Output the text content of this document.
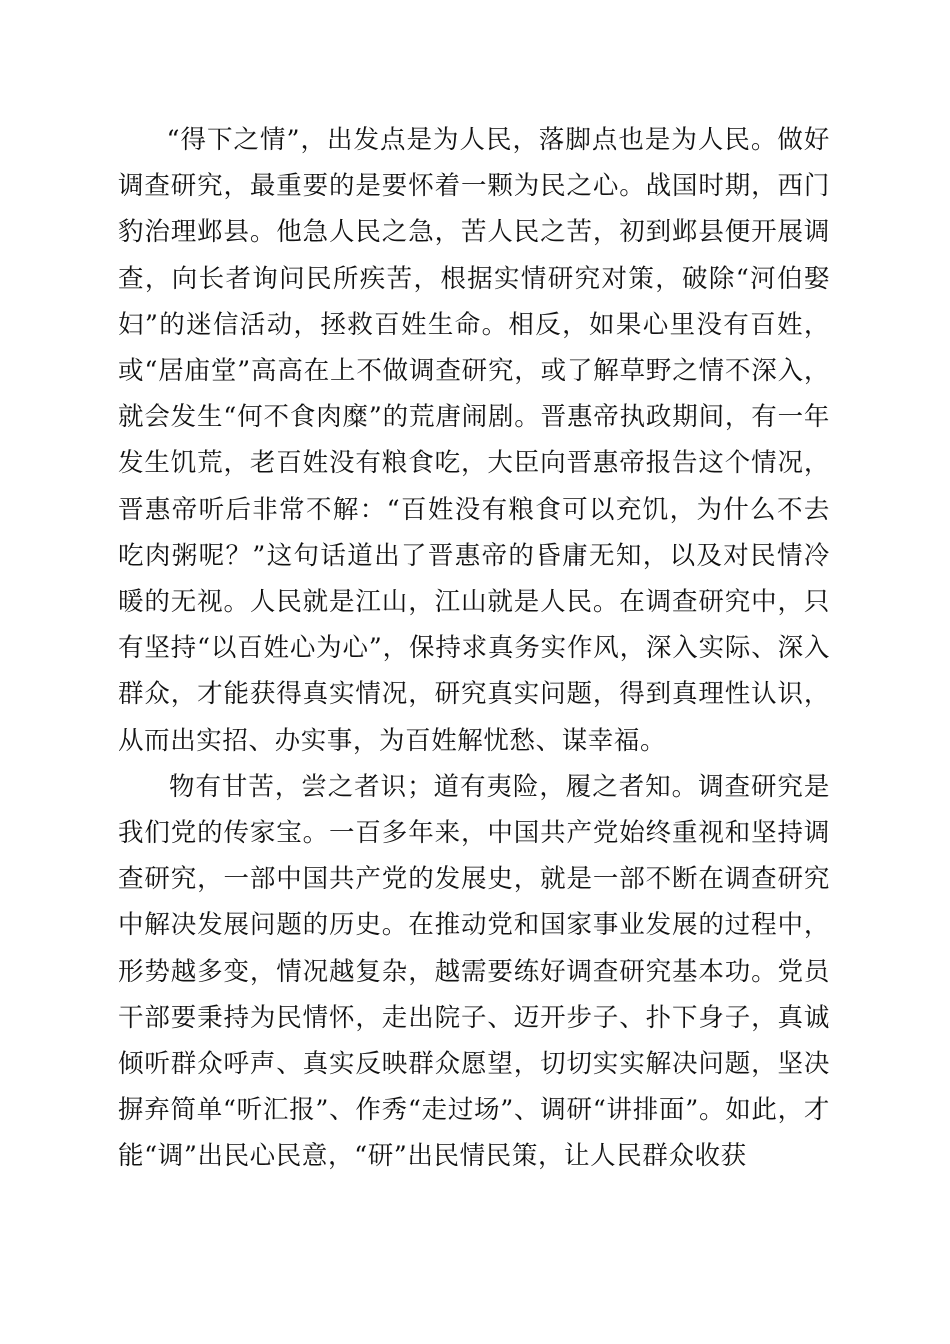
“得下之情”，出发点是为人民，落脚点也是为人民。做好调查研究，最重要的是要怀着一颗为民之心。战国时期，西门豹治理邺县。他急人民之急，苦人民之苦，初到邺县便开展调查，向长者询问民所疾苦，根据实情研究对策，破除“河伯娶妇”的迷信活动，拯救百姓生命。相反，如果心里没有百姓，或“居庙堂”高高在上不做调查研究，或了解草野之情不深入，就会发生“何不食肉糜”的荒唐闹剧。晋惠帝执政期间，有一年发生饥荒，老百姓没有粮食吃，大臣向晋惠帝报告这个情况，晋惠帝听后非常不解：“百姓没有粮食可以充饥，为什么不去吃肉粥呢？”这句话道出了晋惠帝的昏庸无知，以及对民情冷暖的无视。人民就是江山，江山就是人民。在调查研究中，只有坚持“以百姓心为心”，保持求真务实作风，深入实际、深入群众，才能获得真实情况，研究真实问题，得到真理性认识，从而出实招、办实事，为百姓解忧愁、谋幸福。

物有甘苦，尝之者识；道有夷险，履之者知。调查研究是我们党的传家宝。一百多年来，中国共产党始终重视和坚持调查研究，一部中国共产党的发展史，就是一部不断在调查研究中解决发展问题的历史。在推动党和国家事业发展的过程中，形势越多变，情况越复杂，越需要练好调查研究基本功。党员干部要秉持为民情怀，走出院子、迈开步子、扑下身子，真诚倾听群众呼声、真实反映群众愿望，切切实实解决问题，坚决摒弃简单“听汇报”、作秀“走过场”、调研“讲排面”。如此，才能“调”出民心民意，“研”出民情民策，让人民群众收获
